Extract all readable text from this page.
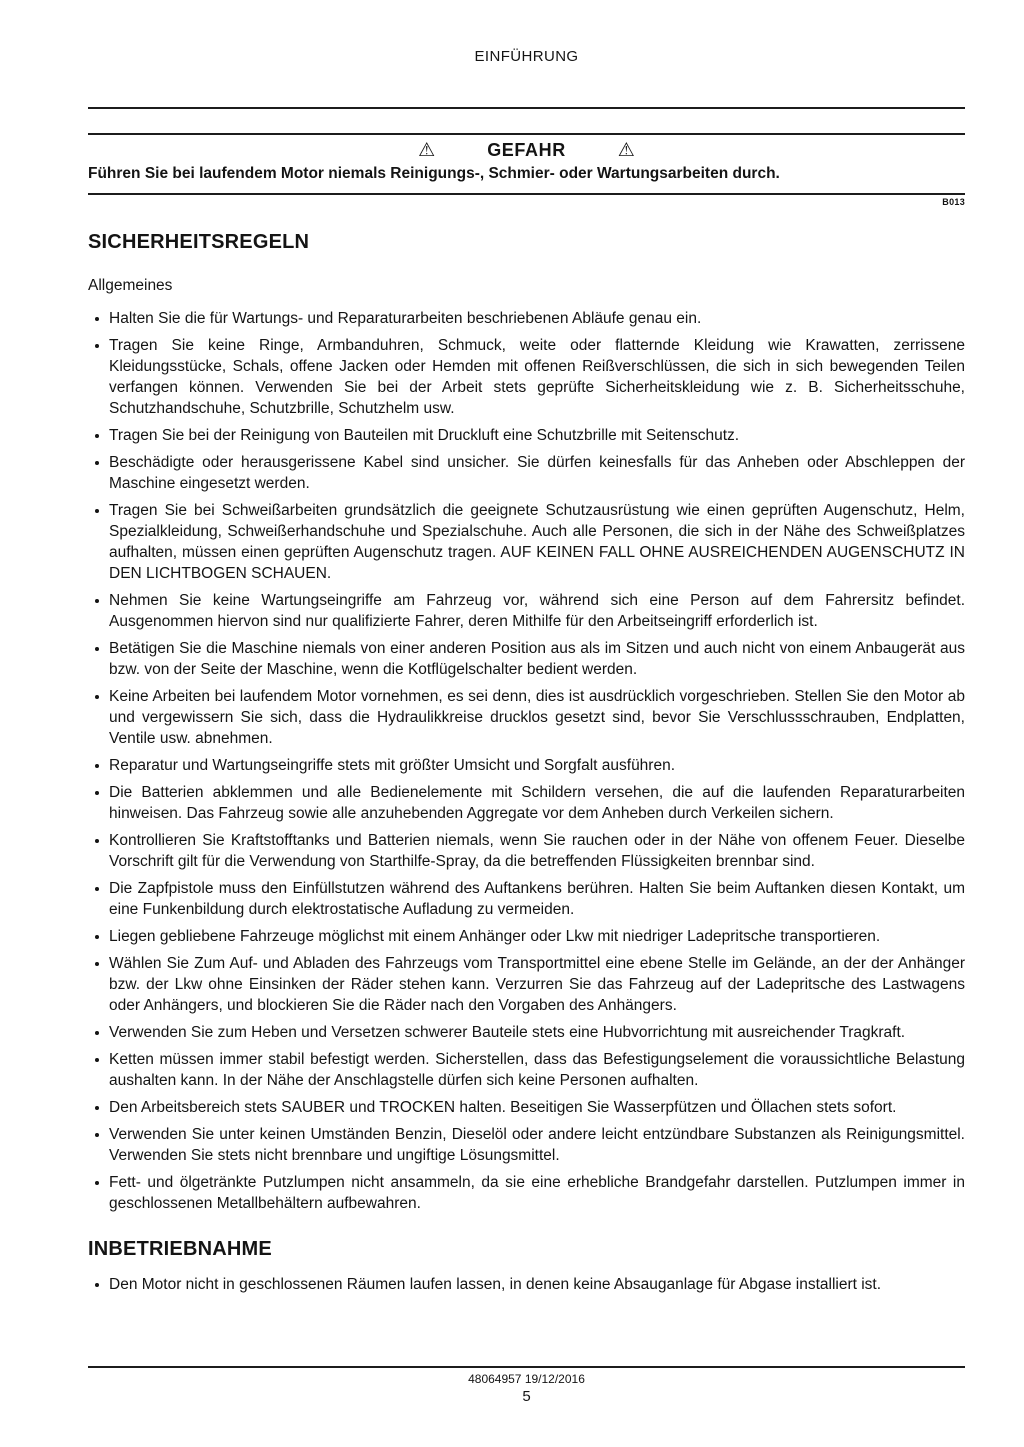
EINFÜHRUNG
⚠	GEFAHR	⚠
Führen Sie bei laufendem Motor niemals Reinigungs-, Schmier- oder Wartungsarbeiten durch.
B013
SICHERHEITSREGELN
Allgemeines
Halten Sie die für Wartungs- und Reparaturarbeiten beschriebenen Abläufe genau ein.
Tragen Sie keine Ringe, Armbanduhren, Schmuck, weite oder flatternde Kleidung wie Krawatten, zerrissene Kleidungsstücke, Schals, offene Jacken oder Hemden mit offenen Reißverschlüssen, die sich in sich bewegenden Teilen verfangen können. Verwenden Sie bei der Arbeit stets geprüfte Sicherheitskleidung wie z. B. Sicherheitsschuhe, Schutzhandschuhe, Schutzbrille, Schutzhelm usw.
Tragen Sie bei der Reinigung von Bauteilen mit Druckluft eine Schutzbrille mit Seitenschutz.
Beschädigte oder herausgerissene Kabel sind unsicher. Sie dürfen keinesfalls für das Anheben oder Abschleppen der Maschine eingesetzt werden.
Tragen Sie bei Schweißarbeiten grundsätzlich die geeignete Schutzausrüstung wie einen geprüften Augenschutz, Helm, Spezialkleidung, Schweißerhandschuhe und Spezialschuhe. Auch alle Personen, die sich in der Nähe des Schweißplatzes aufhalten, müssen einen geprüften Augenschutz tragen. AUF KEINEN FALL OHNE AUSREICHENDEN AUGENSCHUTZ IN DEN LICHTBOGEN SCHAUEN.
Nehmen Sie keine Wartungseingriffe am Fahrzeug vor, während sich eine Person auf dem Fahrersitz befindet. Ausgenommen hiervon sind nur qualifizierte Fahrer, deren Mithilfe für den Arbeitseingriff erforderlich ist.
Betätigen Sie die Maschine niemals von einer anderen Position aus als im Sitzen und auch nicht von einem Anbaugerät aus bzw. von der Seite der Maschine, wenn die Kotflügelschalter bedient werden.
Keine Arbeiten bei laufendem Motor vornehmen, es sei denn, dies ist ausdrücklich vorgeschrieben. Stellen Sie den Motor ab und vergewissern Sie sich, dass die Hydraulikkreise drucklos gesetzt sind, bevor Sie Verschlussschrauben, Endplatten, Ventile usw. abnehmen.
Reparatur und Wartungseingriffe stets mit größter Umsicht und Sorgfalt ausführen.
Die Batterien abklemmen und alle Bedienelemente mit Schildern versehen, die auf die laufenden Reparaturarbeiten hinweisen. Das Fahrzeug sowie alle anzuhebenden Aggregate vor dem Anheben durch Verkeilen sichern.
Kontrollieren Sie Kraftstofftanks und Batterien niemals, wenn Sie rauchen oder in der Nähe von offenem Feuer. Dieselbe Vorschrift gilt für die Verwendung von Starthilfe-Spray, da die betreffenden Flüssigkeiten brennbar sind.
Die Zapfpistole muss den Einfüllstutzen während des Auftankens berühren. Halten Sie beim Auftanken diesen Kontakt, um eine Funkenbildung durch elektrostatische Aufladung zu vermeiden.
Liegen gebliebene Fahrzeuge möglichst mit einem Anhänger oder Lkw mit niedriger Ladepritsche transportieren.
Wählen Sie Zum Auf- und Abladen des Fahrzeugs vom Transportmittel eine ebene Stelle im Gelände, an der der Anhänger bzw. der Lkw ohne Einsinken der Räder stehen kann. Verzurren Sie das Fahrzeug auf der Ladepritsche des Lastwagens oder Anhängers, und blockieren Sie die Räder nach den Vorgaben des Anhängers.
Verwenden Sie zum Heben und Versetzen schwerer Bauteile stets eine Hubvorrichtung mit ausreichender Tragkraft.
Ketten müssen immer stabil befestigt werden. Sicherstellen, dass das Befestigungselement die voraussichtliche Belastung aushalten kann. In der Nähe der Anschlagstelle dürfen sich keine Personen aufhalten.
Den Arbeitsbereich stets SAUBER und TROCKEN halten. Beseitigen Sie Wasserpfützen und Öllachen stets sofort.
Verwenden Sie unter keinen Umständen Benzin, Dieselöl oder andere leicht entzündbare Substanzen als Reinigungsmittel. Verwenden Sie stets nicht brennbare und ungiftige Lösungsmittel.
Fett- und ölgetränkte Putzlumpen nicht ansammeln, da sie eine erhebliche Brandgefahr darstellen. Putzlumpen immer in geschlossenen Metallbehältern aufbewahren.
INBETRIEBNAHME
Den Motor nicht in geschlossenen Räumen laufen lassen, in denen keine Absauganlage für Abgase installiert ist.
48064957 19/12/2016
5
